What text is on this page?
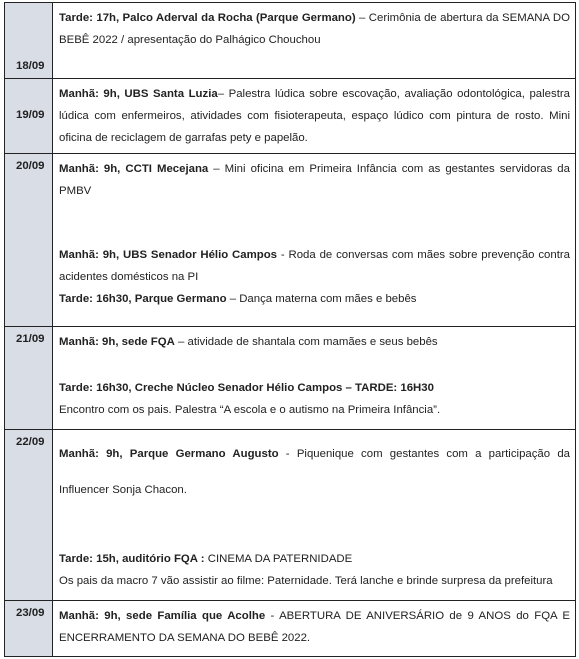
18/09	Tarde: 17h, Palco Aderval da Rocha (Parque Germano) – Cerimônia de abertura da SEMANA DO BEBÊ 2022 / apresentação do Palhágico Chouchou

19/09	Manhã: 9h, UBS Santa Luzia– Palestra lúdica sobre escovação, avaliação odontológica, palestra lúdica com enfermeiros, atividades com fisioterapeuta, espaço lúdico com pintura de rosto. Mini oficina de reciclagem de garrafas pety e papelão.

20/09	Manhã: 9h, CCTI Mecejana – Mini oficina em Primeira Infância com as gestantes servidoras da PMBV

Manhã: 9h, UBS Senador Hélio Campos - Roda de conversas com mães sobre prevenção contra acidentes domésticos na PI

Tarde: 16h30, Parque Germano – Dança materna com mães e bebês

21/09	Manhã: 9h, sede FQA – atividade de shantala com mamães e seus bebês

Tarde: 16h30, Creche Núcleo Senador Hélio Campos – TARDE: 16H30

Encontro com os pais. Palestra “A escola e o autismo na Primeira Infância”.

22/09	Manhã: 9h, Parque Germano Augusto - Piquenique com gestantes com a participação da Influencer Sonja Chacon.

Tarde: 15h, auditório FQA : CINEMA DA PATERNIDADE

Os pais da macro 7 vão assistir ao filme: Paternidade. Terá lanche e brinde surpresa da prefeitura

23/09	Manhã: 9h, sede Família que Acolhe - ABERTURA DE ANIVERSÁRIO de 9 ANOS do FQA E ENCERRAMENTO DA SEMANA DO BEBÊ 2022.
